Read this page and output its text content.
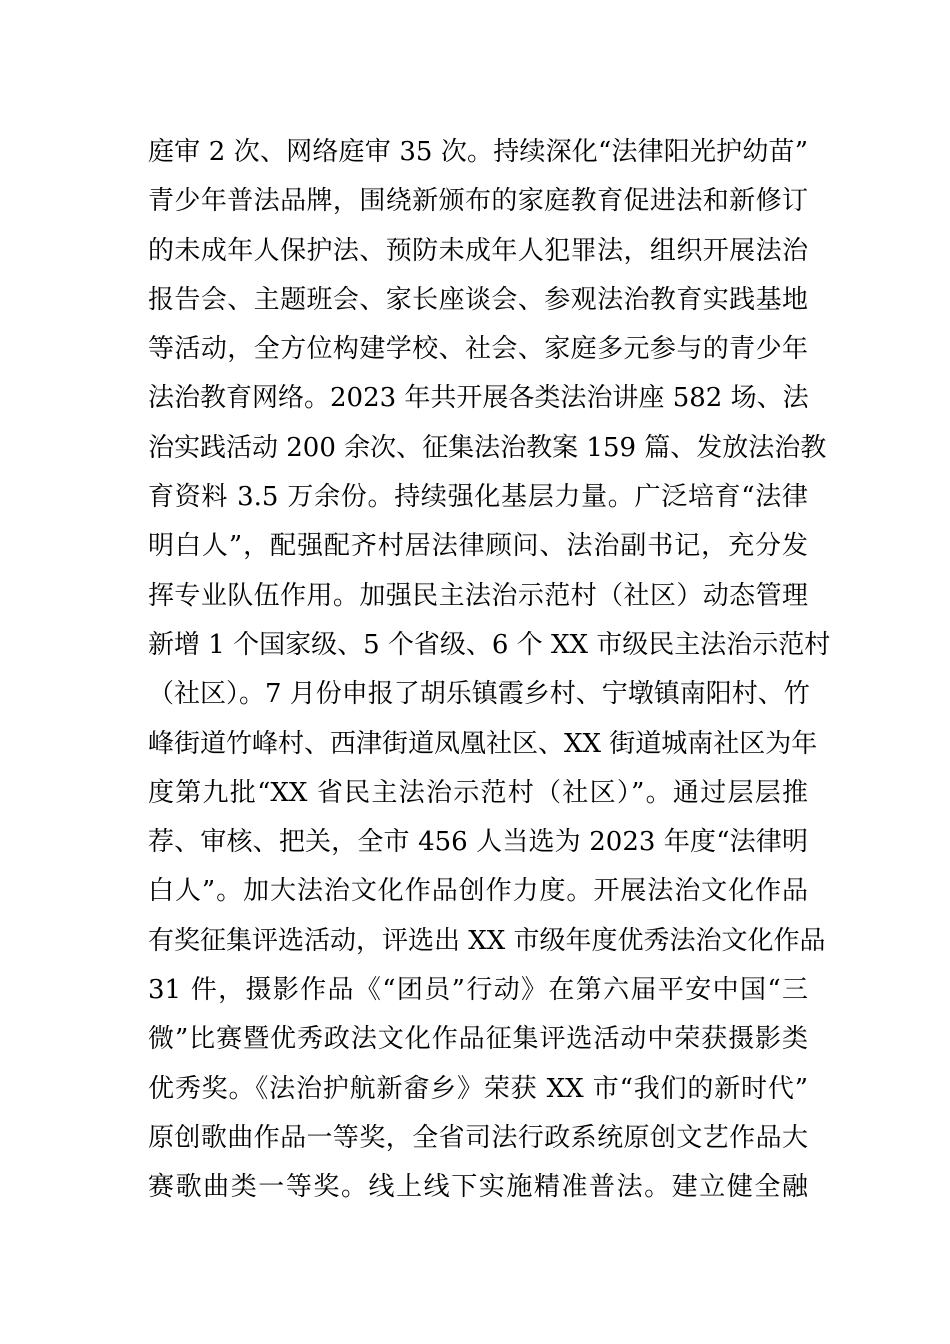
庭审 2 次、网络庭审 35 次。持续深化“法律阳光护幼苗”
青少年普法品牌，围绕新颁布的家庭教育促进法和新修订
的未成年人保护法、预防未成年人犯罪法，组织开展法治
报告会、主题班会、家长座谈会、参观法治教育实践基地
等活动，全方位构建学校、社会、家庭多元参与的青少年
法治教育网络。2023 年共开展各类法治讲座 582 场、法
治实践活动 200 余次、征集法治教案 159 篇、发放法治教
育资料 3.5 万余份。持续强化基层力量。广泛培育“法律
明白人”，配强配齐村居法律顾问、法治副书记，充分发
挥专业队伍作用。加强民主法治示范村（社区）动态管理
新增 1 个国家级、5 个省级、6 个 XX 市级民主法治示范村
（社区）。7 月份申报了胡乐镇霞乡村、宁墩镇南阳村、竹
峰街道竹峰村、西津街道凤凰社区、XX 街道城南社区为年
度第九批“XX 省民主法治示范村（社区）”。通过层层推
荐、审核、把关，全市 456 人当选为 2023 年度“法律明
白人”。加大法治文化作品创作力度。开展法治文化作品
有奖征集评选活动，评选出 XX 市级年度优秀法治文化作品
31 件，摄影作品《“团员”行动》在第六届平安中国“三
微”比赛暨优秀政法文化作品征集评选活动中荣获摄影类
优秀奖。《法治护航新畲乡》荣获 XX 市“我们的新时代”
原创歌曲作品一等奖，全省司法行政系统原创文艺作品大
赛歌曲类一等奖。线上线下实施精准普法。建立健全融
